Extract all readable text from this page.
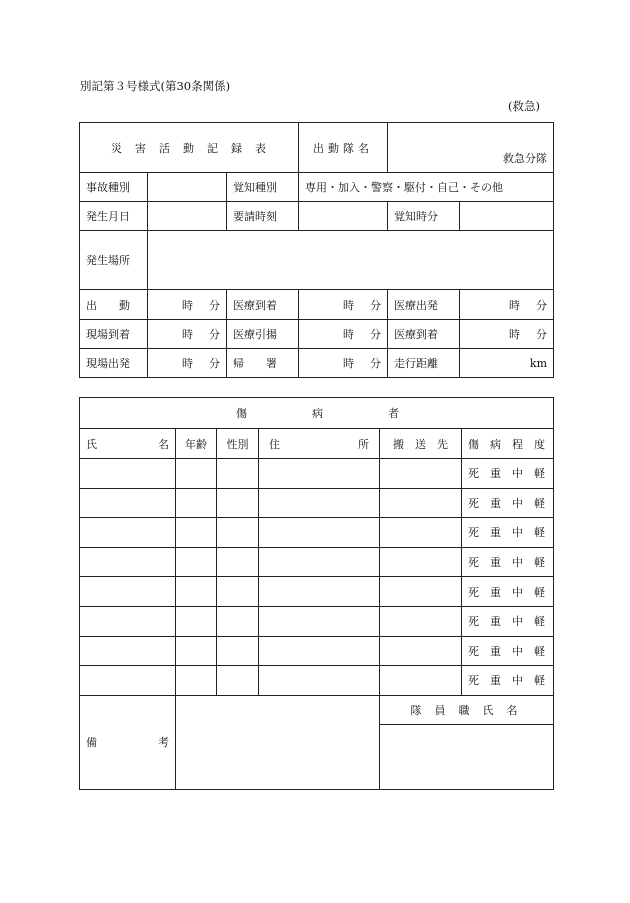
別記第３号様式(第30条関係)
(救急)
災害活動記録表			出動隊名	救急分隊	
事故種別		覚知種別	専用・加入・警察・駆付・自己・その他		
発生月日		要請時刻		覚知時分	
発生場所					
出　　動	時 分	医療到着	時 分	医療出発	時 分

現場到着	時 分	医療引揚	時 分	医療到着	時 分

現場出発	時 分	帰　　署	時 分	走行距離	km
傷 病 者					

氏 名	年齢	性別	住 所	搬　送　先	傷 病 程 度

					死 重 中 軽

					死 重 中 軽

					死 重 中 軽

					死 重 中 軽

					死 重 中 軽

					死 重 中 軽

					死 重 中 軽

					死 重 中 軽

備 考				隊員職氏名	
